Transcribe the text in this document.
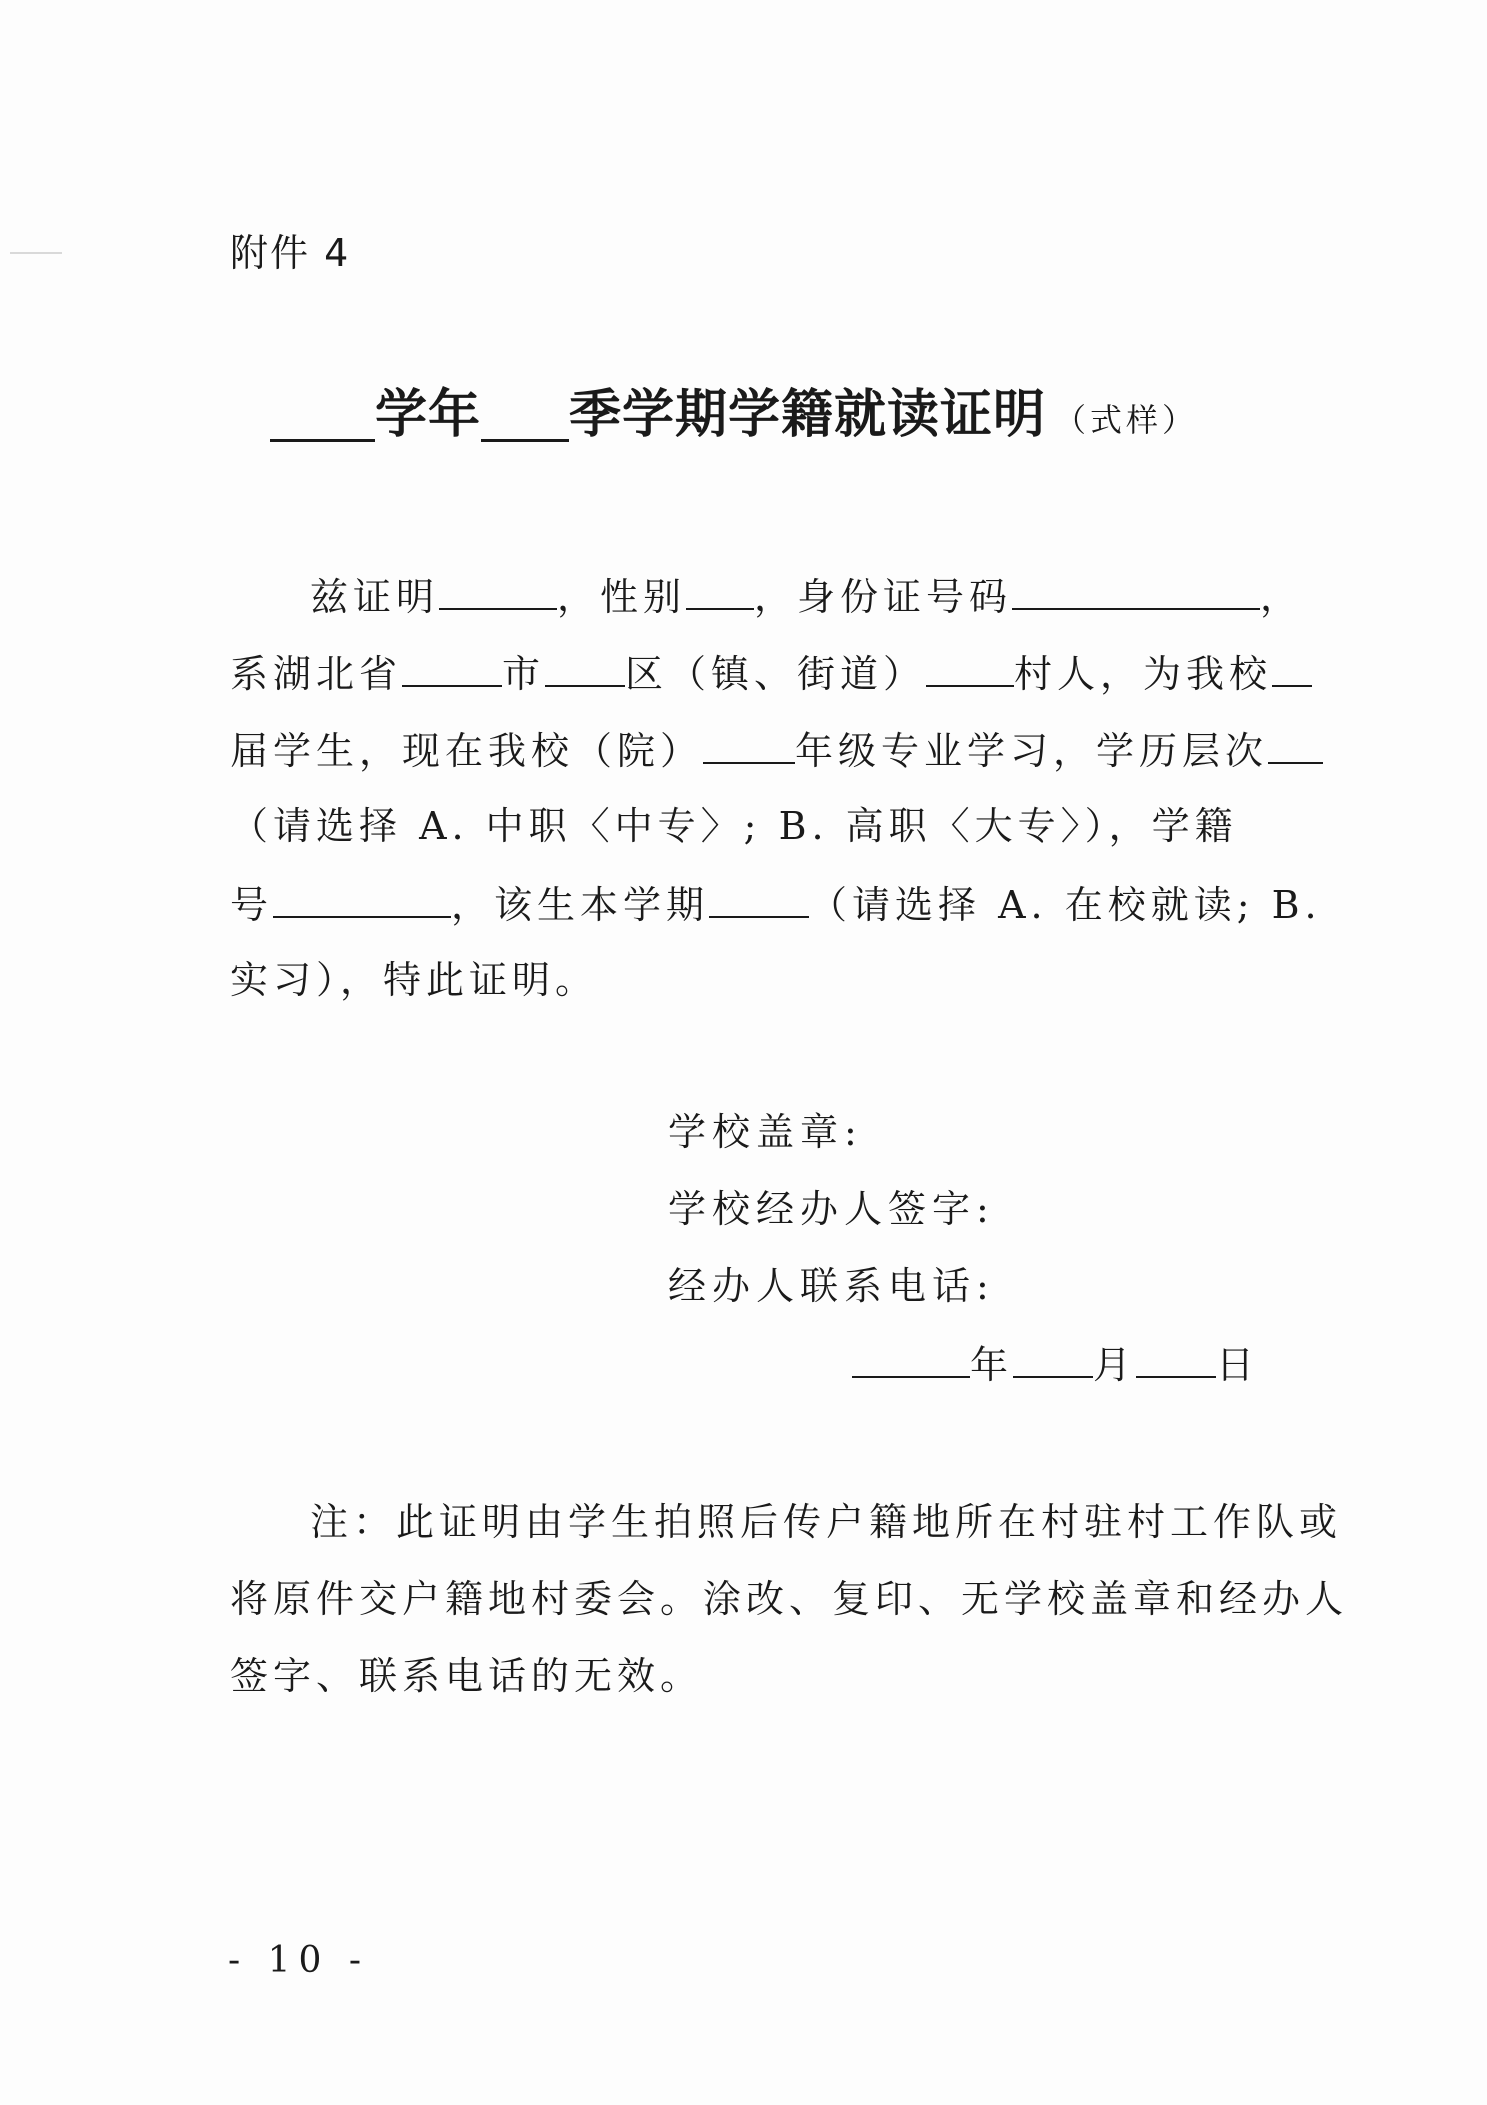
附件 4
学年 季学期学籍就读证明 （式样）
兹证明	，性别 ，身份证号码	，
系湖北省	市 区（镇、街道） 村人，为我校
届学生，现在我校（院） 年级专业学习，学历层次
（请选择 A. 中职〈中专〉; B. 高职〈大专〉），学籍
号	，该生本学期	（请选择 A. 在校就读; B.
实习），特此证明。
学校盖章:
学校经办人签字:
经办人联系电话:
年 月 日
注：此证明由学生拍照后传户籍地所在村驻村工作队或
将原件交户籍地村委会。涂改、复印、无学校盖章和经办人
签字、联系电话的无效。
- 10 -
